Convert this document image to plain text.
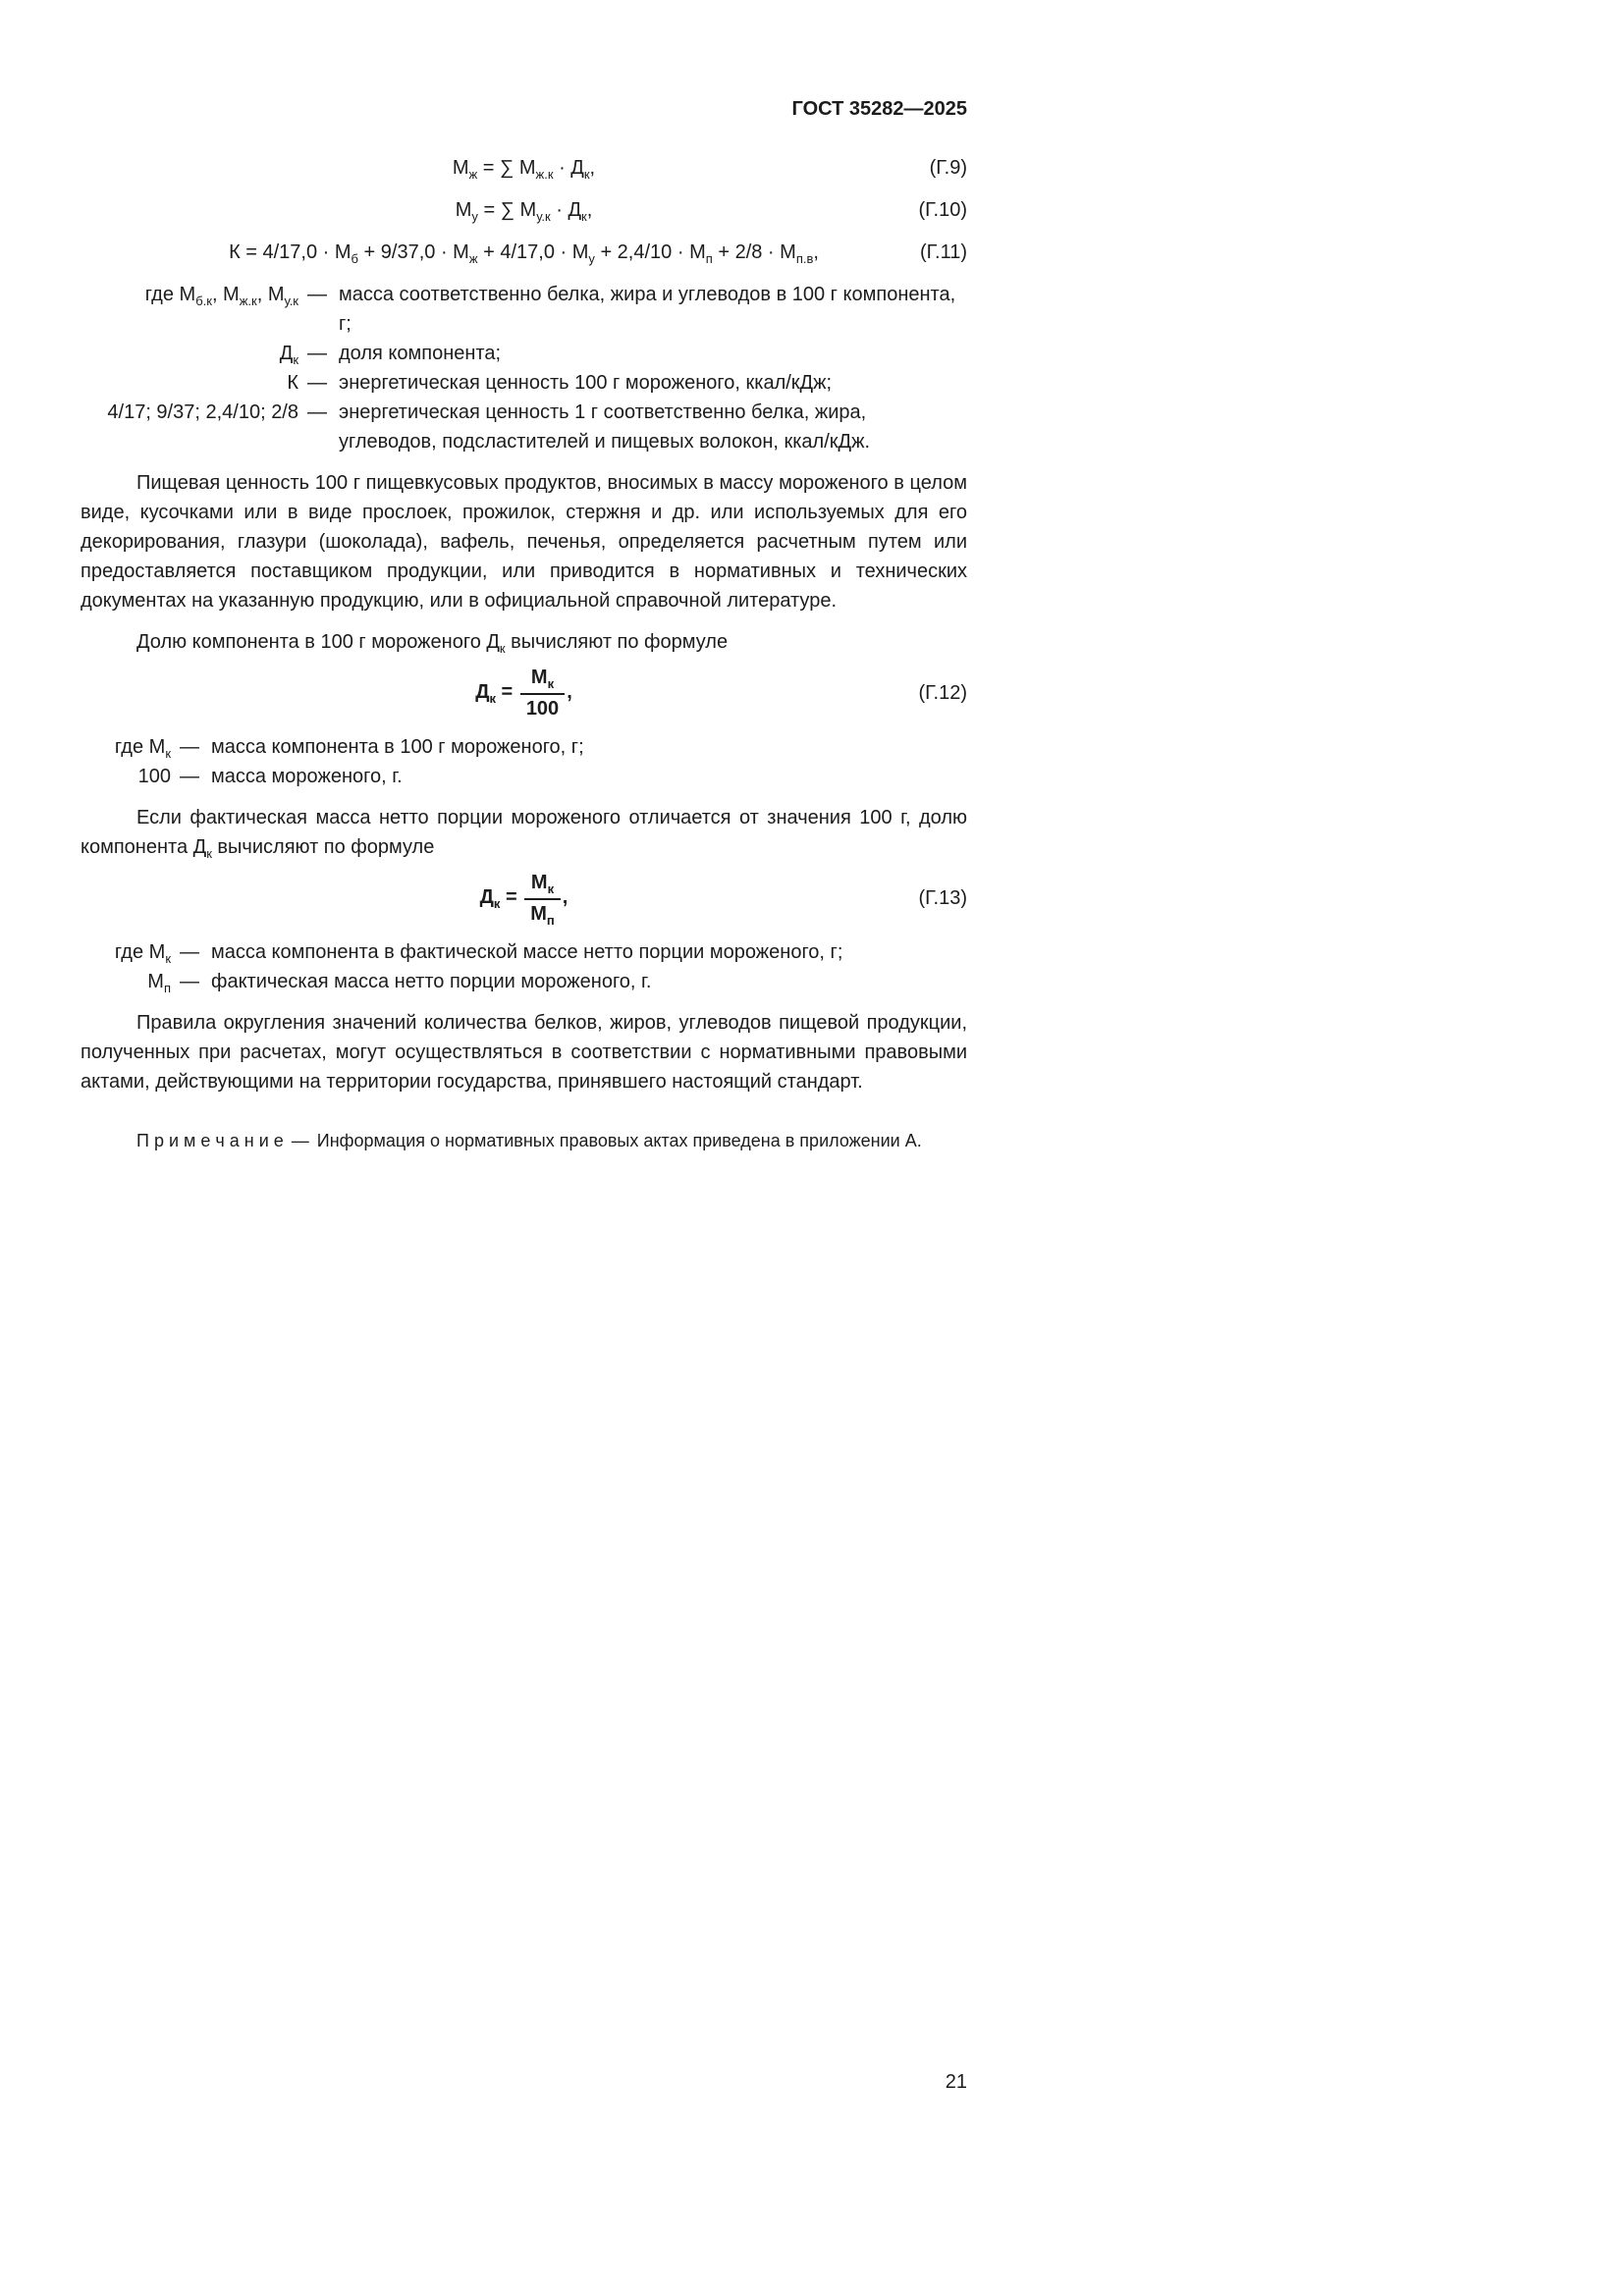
ГОСТ 35282—2025
$М_ж$ = ∑ $М_{ж.к} \cdot Д_к$,	(Г.9)
$М_у$ = ∑ $М_{у.к} \cdot Д_к$,	(Г.10)
$К = 4/17,0 \cdot М_б + 9/37,0 \cdot М_ж + 4/17,0 \cdot М_у + 2,4/10 \cdot М_п + 2/8 \cdot М_{п.в}$,	(Г.11)
где $М_{б.к}$, $М_{ж.к}$, $М_{у.к}$ — масса соответственно белка, жира и углеводов в 100 г компонента, г;
$Д_к$ — доля компонента;
К — энергетическая ценность 100 г мороженого, ккал/кДж;
4/17; 9/37; 2,4/10; 2/8 — энергетическая ценность 1 г соответственно белка, жира, углеводов, подсластителей и пищевых волокон, ккал/кДж.

Пищевая ценность 100 г пищевкусовых продуктов, вносимых в массу мороженого в целом виде, кусочками или в виде прослоек, прожилок, стержня и др. или используемых для его декорирования, глазури (шоколада), вафель, печенья, определяется расчетным путем или предоставляется поставщиком продукции, или приводится в нормативных и технических документах на указанную продукцию, или в официальной справочной литературе.

Долю компонента в 100 г мороженого $Д_к$ вычисляют по формуле

$Д_к = \frac{М_к}{100}$ ,	(Г.12)
где $М_к$ — масса компонента в 100 г мороженого, г;
100 — масса мороженого, г.

Если фактическая масса нетто порции мороженого отличается от значения 100 г, долю компонента $Д_к$ вычисляют по формуле

$Д_к = \frac{М_к}{М_п}$ ,	(Г.13)
где $М_к$ — масса компонента в фактической массе нетто порции мороженого, г;
$М_п$ — фактическая масса нетто порции мороженого, г.

Правила округления значений количества белков, жиров, углеводов пищевой продукции, полученных при расчетах, могут осуществляться в соответствии с нормативными правовыми актами, действующими на территории государства, принявшего настоящий стандарт.

П р и м е ч а н и е — Информация о нормативных правовых актах приведена в приложении А.

21
